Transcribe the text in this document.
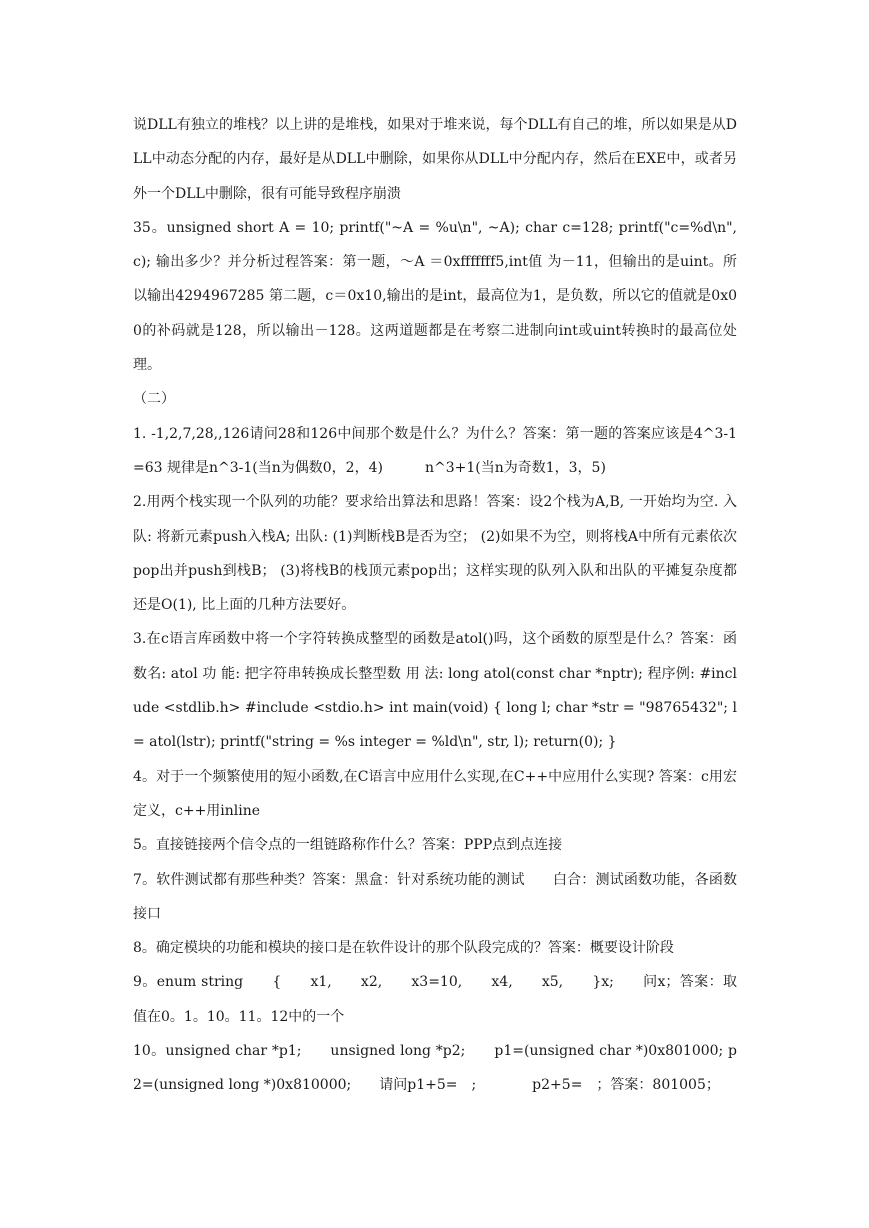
说DLL有独立的堆栈？以上讲的是堆栈，如果对于堆来说，每个DLL有自己的堆，所以如果是从DLL中动态分配的内存，最好是从DLL中删除，如果你从DLL中分配内存，然后在EXE中，或者另外一个DLL中删除，很有可能导致程序崩溃

35。unsigned short A = 10; printf("~A = %u\n", ~A); char c=128; printf("c=%d\n",c); 输出多少？并分析过程答案：第一题，～A ＝0xfffffff5,int值 为－11，但输出的是uint。所以输出4294967285 第二题，c＝0x10,输出的是int，最高位为1，是负数，所以它的值就是0x00的补码就是128，所以输出－128。这两道题都是在考察二进制向int或uint转换时的最高位处理。

（二）

1. -1,2,7,28,,126请问28和126中间那个数是什么？为什么？答案：第一题的答案应该是4^3-1=63 规律是n^3-1(当n为偶数0，2，4)　　　n^3+1(当n为奇数1，3，5)

2.用两个栈实现一个队列的功能？要求给出算法和思路！答案：设2个栈为A,B, 一开始均为空. 入队: 将新元素push入栈A; 出队: (1)判断栈B是否为空； (2)如果不为空，则将栈A中所有元素依次pop出并push到栈B； (3)将栈B的栈顶元素pop出；这样实现的队列入队和出队的平摊复杂度都还是O(1), 比上面的几种方法要好。

3.在c语言库函数中将一个字符转换成整型的函数是atol()吗，这个函数的原型是什么？答案：函数名: atol 功 能: 把字符串转换成长整型数 用 法: long atol(const char *nptr); 程序例: #include <stdlib.h> #include <stdio.h> int main(void) { long l; char *str = "98765432"; l = atol(lstr); printf("string = %s integer = %ld\n", str, l); return(0); }

4。对于一个频繁使用的短小函数,在C语言中应用什么实现,在C++中应用什么实现? 答案：c用宏定义，c++用inline

5。直接链接两个信令点的一组链路称作什么？答案：PPP点到点连接

7。软件测试都有那些种类？答案：黑盒：针对系统功能的测试　　白合：测试函数功能，各函数接口

8。确定模块的功能和模块的接口是在软件设计的那个队段完成的？答案：概要设计阶段

9。enum string　　{　　x1,　　x2,　　x3=10,　　x4,　　x5,　　}x;　　问x；答案：取值在0。1。10。11。12中的一个

10。unsigned char *p1;　　unsigned long *p2;　　p1=(unsigned char *)0x801000; p2=(unsigned long *)0x810000;　　请问p1+5=　;　　　　p2+5=　；答案：801005；
